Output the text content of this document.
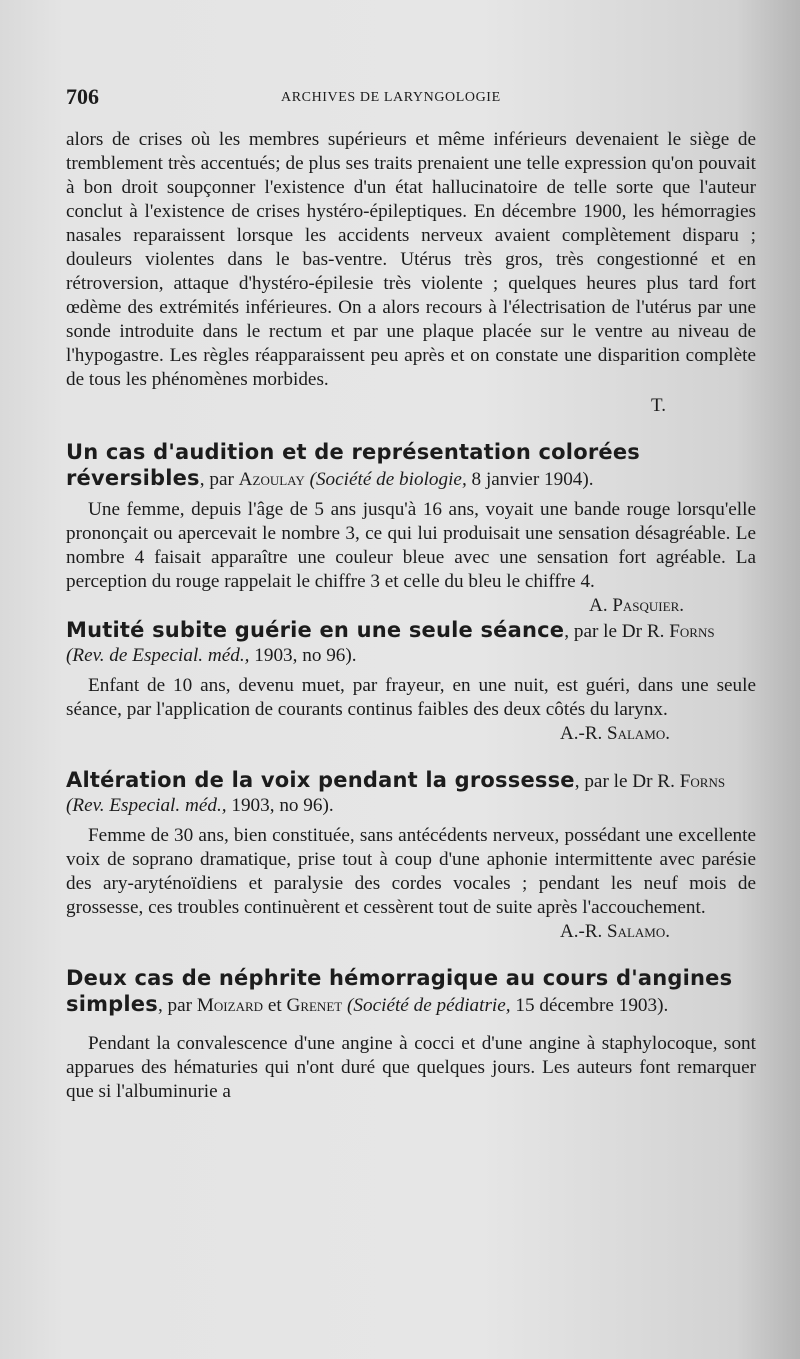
706	ARCHIVES DE LARYNGOLOGIE

alors de crises où les membres supérieurs et même inférieurs devenaient le siège de tremblement très accentués; de plus ses traits prenaient une telle expression qu'on pouvait à bon droit soupçonner l'existence d'un état hallucinatoire de telle sorte que l'auteur conclut à l'existence de crises hystéro-épileptiques. En décembre 1900, les hémorragies nasales reparaissent lorsque les accidents nerveux avaient complètement disparu ; douleurs violentes dans le bas-ventre. Utérus très gros, très congestionné et en rétroversion, attaque d'hystéro-épilesie très violente ; quelques heures plus tard fort œdème des extrémités inférieures. On a alors recours à l'électrisation de l'utérus par une sonde introduite dans le rectum et par une plaque placée sur le ventre au niveau de l'hypogastre. Les règles réapparaissent peu après et on constate une disparition complète de tous les phénomènes morbides.

T.
Un cas d'audition et de représentation colorées réversibles, par Azoulay (Société de biologie, 8 janvier 1904).

Une femme, depuis l'âge de 5 ans jusqu'à 16 ans, voyait une bande rouge lorsqu'elle prononçait ou apercevait le nombre 3, ce qui lui produisait une sensation désagréable. Le nombre 4 faisait apparaître une couleur bleue avec une sensation fort agréable. La perception du rouge rappelait le chiffre 3 et celle du bleu le chiffre 4.

A. Pasquier.
Mutité subite guérie en une seule séance, par le Dr R. Forns (Rev. de Especial. méd., 1903, no 96).

Enfant de 10 ans, devenu muet, par frayeur, en une nuit, est guéri, dans une seule séance, par l'application de courants continus faibles des deux côtés du larynx.

A.-R. Salamo.
Altération de la voix pendant la grossesse, par le Dr R. Forns (Rev. Especial. méd., 1903, no 96).

Femme de 30 ans, bien constituée, sans antécédents nerveux, possédant une excellente voix de soprano dramatique, prise tout à coup d'une aphonie intermittente avec parésie des ary-aryténoïdiens et paralysie des cordes vocales ; pendant les neuf mois de grossesse, ces troubles continuèrent et cessèrent tout de suite après l'accouchement.

A.-R. Salamo.
Deux cas de néphrite hémorragique au cours d'angines simples, par Moizard et Grenet (Société de pédiatrie, 15 décembre 1903).

Pendant la convalescence d'une angine à cocci et d'une angine à staphylocoque, sont apparues des hématuries qui n'ont duré que quelques jours. Les auteurs font remarquer que si l'albuminurie a
